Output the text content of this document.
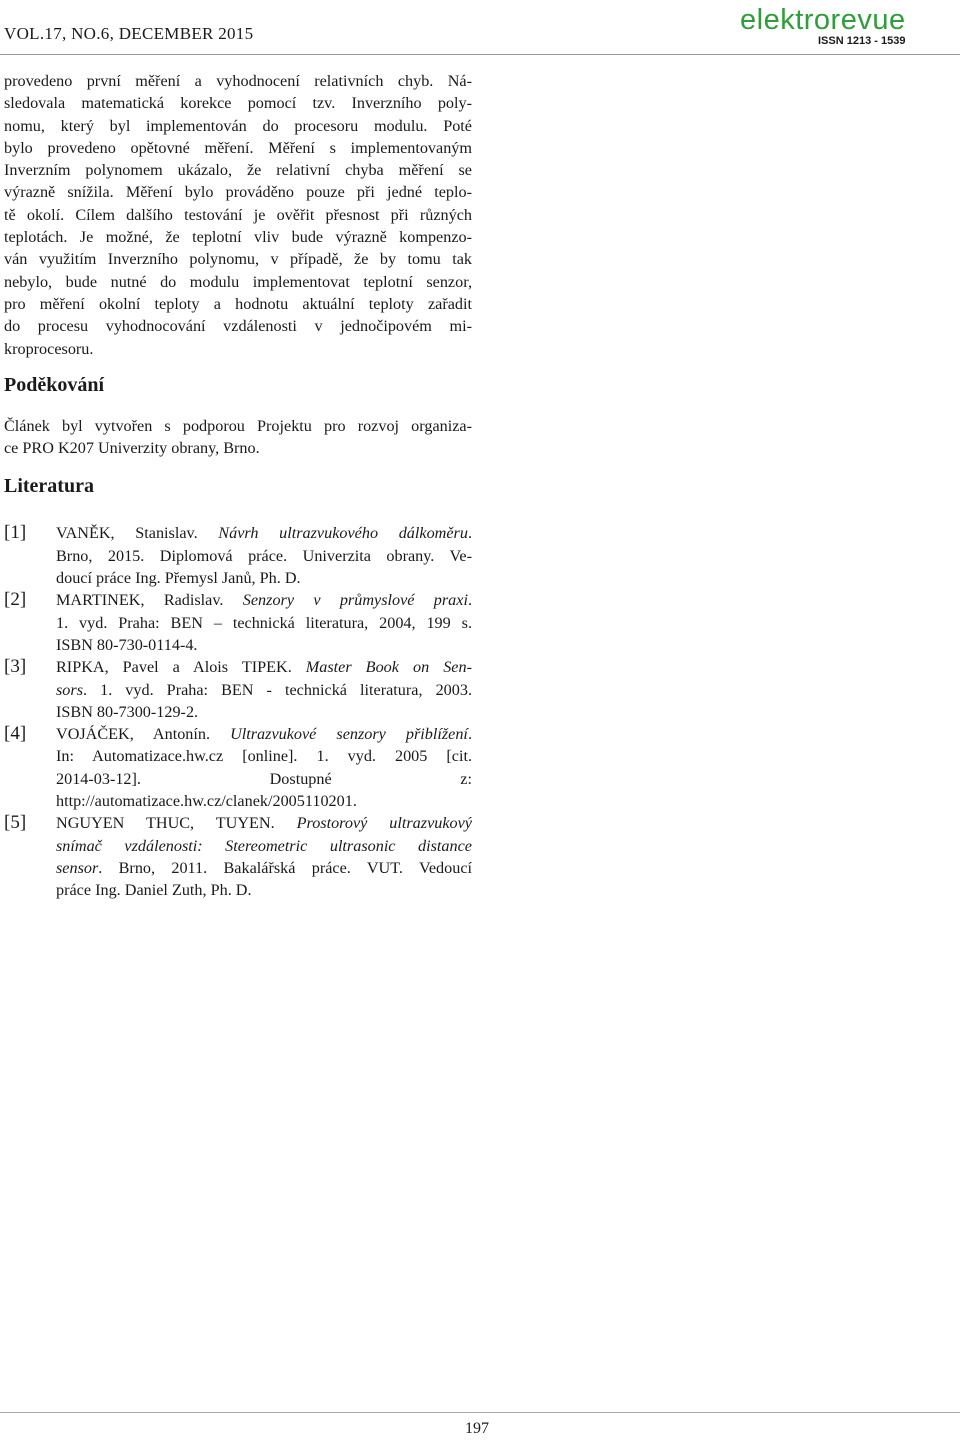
VOL.17, NO.6, DECEMBER 2015	elektrorevue
ISSN 1213 - 1539

provedeno první měření a vyhodnocení relativních chyb. Ná-
sledovala matematická korekce pomocí tzv. Inverzního poly-
nomu, který byl implementován do procesoru modulu. Poté
bylo provedeno opětovné měření. Měření s implementovaným
Inverzním polynomem ukázalo, že relativní chyba měření se
výrazně snížila. Měření bylo prováděno pouze při jedné teplo-
tě okolí. Cílem dalšího testování je ověřit přesnost při různých
teplotách. Je možné, že teplotní vliv bude výrazně kompenzo-
ván využitím Inverzního polynomu, v případě, že by tomu tak
nebylo, bude nutné do modulu implementovat teplotní senzor,
pro měření okolní teploty a hodnotu aktuální teploty zařadit
do procesu vyhodnocování vzdálenosti v jednočipovém mi-
kroprocesoru.

Poděkování

Článek byl vytvořen s podporou Projektu pro rozvoj organiza-
ce PRO K207 Univerzity obrany, Brno.

Literatura
[1]	VANĚK, Stanislav. Návrh ultrazvukového dálkoměru.
Brno, 2015. Diplomová práce. Univerzita obrany. Ve-
doucí práce Ing. Přemysl Janů, Ph. D.
[2]	MARTINEK, Radislav. Senzory v průmyslové praxi.
1. vyd. Praha: BEN – technická literatura, 2004, 199 s.
ISBN 80-730-0114-4.
[3]	RIPKA, Pavel a Alois TIPEK. Master Book on Sen-
sors. 1. vyd. Praha: BEN - technická literatura, 2003.
ISBN 80-7300-129-2.
[4]	VOJÁČEK, Antonín. Ultrazvukové senzory přiblížení.
In: Automatizace.hw.cz [online]. 1. vyd. 2005 [cit.
2014-03-12]. Dostupné z:
http://automatizace.hw.cz/clanek/2005110201.
[5]	NGUYEN THUC, TUYEN. Prostorový ultrazvukový
snímač vzdálenosti: Stereometric ultrasonic distance
sensor. Brno, 2011. Bakalářská práce. VUT. Vedoucí
práce Ing. Daniel Zuth, Ph. D.
197
